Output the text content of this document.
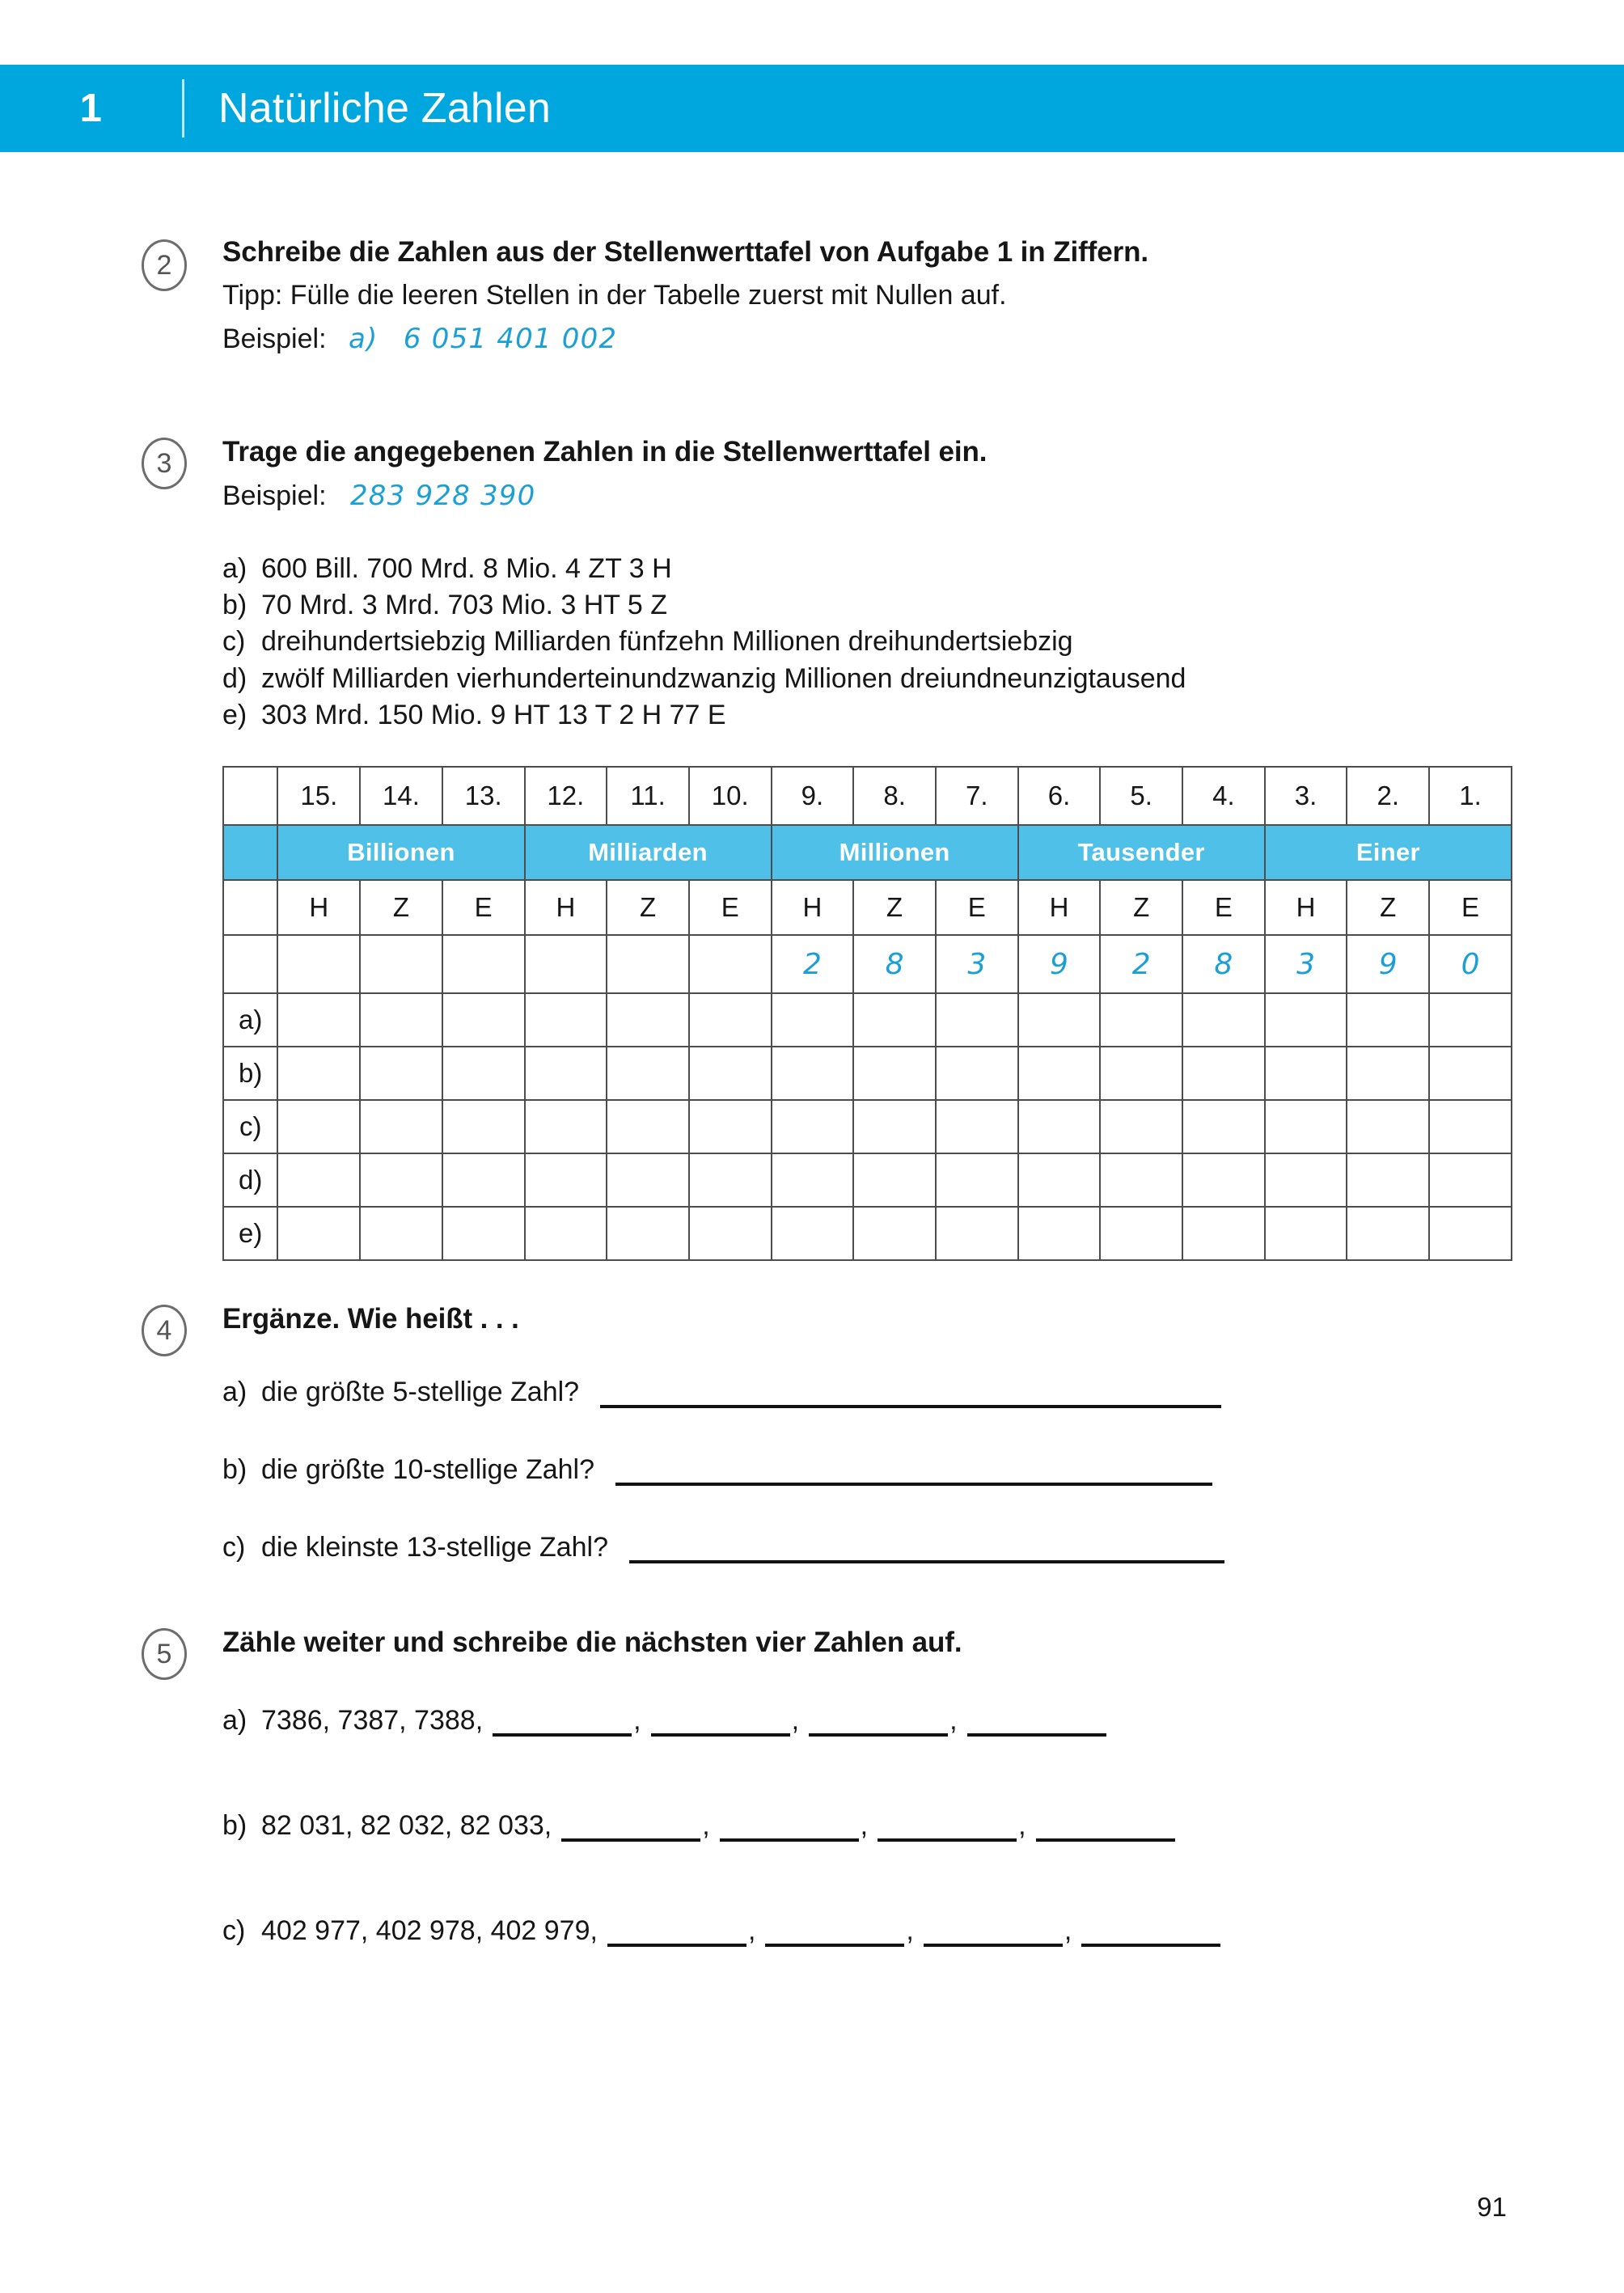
1	Natürliche Zahlen
2	Schreibe die Zahlen aus der Stellenwerttafel von Aufgabe 1 in Ziffern.
Tipp: Fülle die leeren Stellen in der Tabelle zuerst mit Nullen auf.
Beispiel: a) 6 051 401 002
3	Trage die angegebenen Zahlen in die Stellenwerttafel ein.
Beispiel: 283 928 390
a) 600 Bill. 700 Mrd. 8 Mio. 4 ZT 3 H
b) 70 Mrd. 3 Mrd. 703 Mio. 3 HT 5 Z
c) dreihundertsiebzig Milliarden fünfzehn Millionen dreihundertsiebzig
d) zwölf Milliarden vierhunderteinundzwanzig Millionen dreiundneunzigtausend
e) 303 Mrd. 150 Mio. 9 HT 13 T 2 H 77 E
	15.	14.	13.	12.	11.	10.	9.	8.	7.	6.	5.	4.	3.	2.	1.
	Billionen			Milliarden			Millionen			Tausender			Einer		
	H	Z	E	H	Z	E	H	Z	E	H	Z	E	H	Z	E
							2	8	3	9	2	8	3	9	0
a)															
b)															
c)															
d)															
e)															
4	Ergänze. Wie heißt . . .
a) die größte 5-stellige Zahl?
b) die größte 10-stellige Zahl?
c) die kleinste 13-stellige Zahl?
5	Zähle weiter und schreibe die nächsten vier Zahlen auf.
a) 7386, 7387, 7388,	,	,	,
b) 82 031, 82 032, 82 033,	,	,	,
c) 402 977, 402 978, 402 979,	,	,	,
91
